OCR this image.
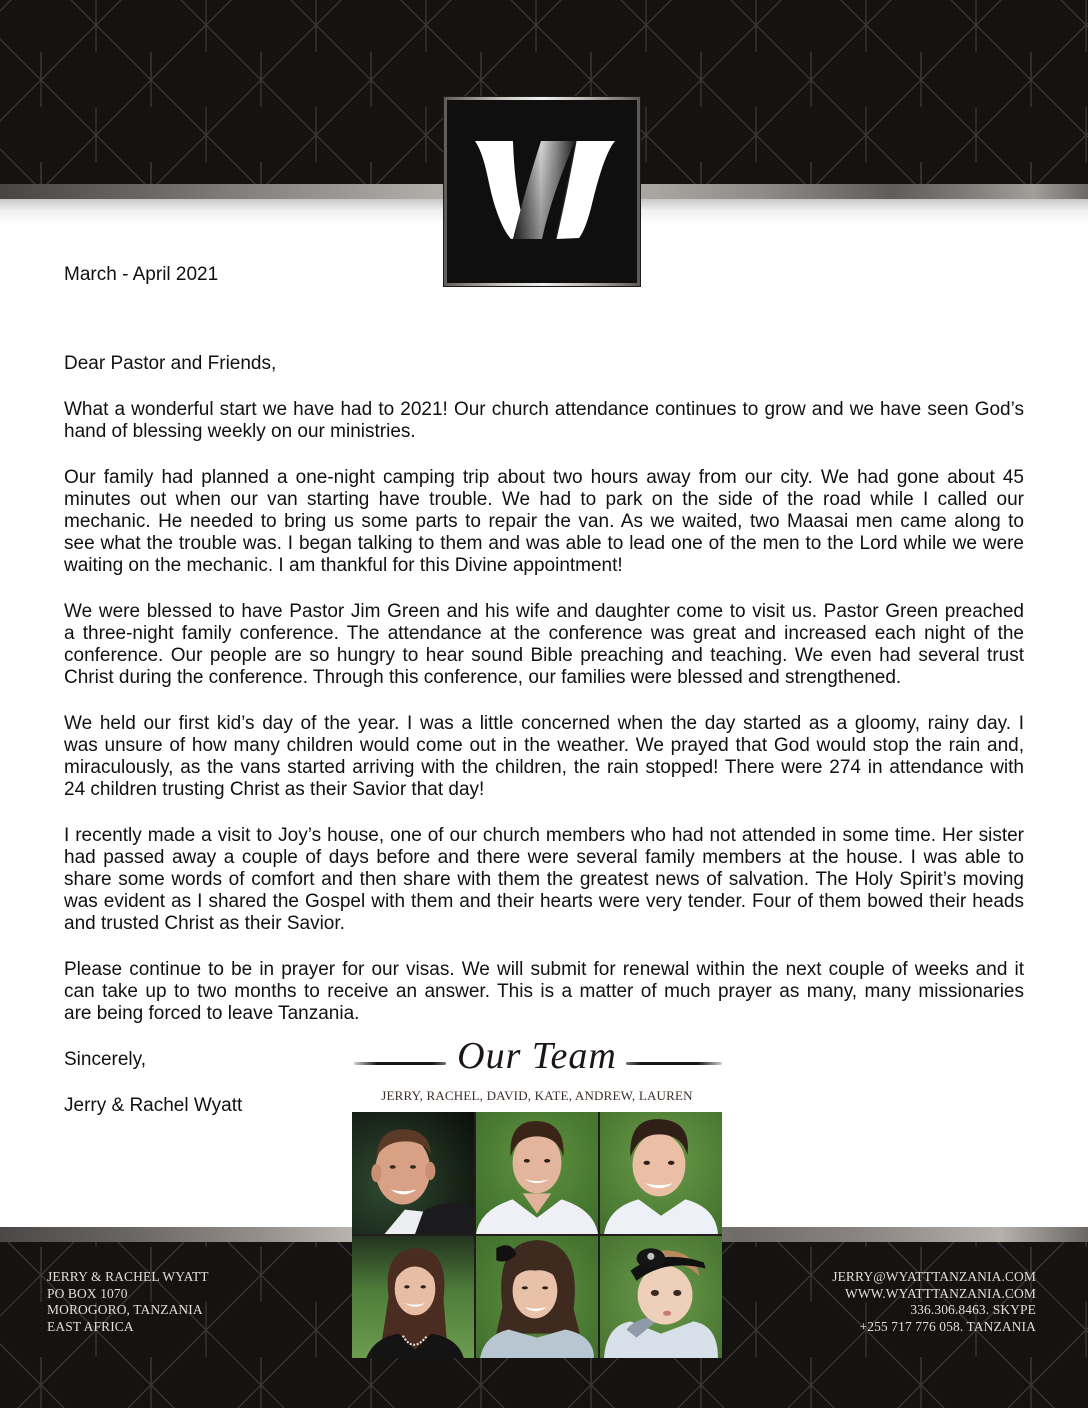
March - April 2021
Dear Pastor and Friends,
What a wonderful start we have had to 2021! Our church attendance continues to grow and we have seen God’s
hand of blessing weekly on our ministries.
Our family had planned a one-night camping trip about two hours away from our city. We had gone about 45
minutes out when our van starting have trouble. We had to park on the side of the road while I called our
mechanic. He needed to bring us some parts to repair the van. As we waited, two Maasai men came along to
see what the trouble was. I began talking to them and was able to lead one of the men to the Lord while we were
waiting on the mechanic. I am thankful for this Divine appointment!
We were blessed to have Pastor Jim Green and his wife and daughter come to visit us. Pastor Green preached
a three-night family conference. The attendance at the conference was great and increased each night of the
conference. Our people are so hungry to hear sound Bible preaching and teaching. We even had several trust
Christ during the conference. Through this conference, our families were blessed and strengthened.
We held our first kid’s day of the year. I was a little concerned when the day started as a gloomy, rainy day. I
was unsure of how many children would come out in the weather. We prayed that God would stop the rain and,
miraculously, as the vans started arriving with the children, the rain stopped! There were 274 in attendance with
24 children trusting Christ as their Savior that day!
I recently made a visit to Joy’s house, one of our church members who had not attended in some time. Her sister
had passed away a couple of days before and there were several family members at the house. I was able to
share some words of comfort and then share with them the greatest news of salvation. The Holy Spirit’s moving
was evident as I shared the Gospel with them and their hearts were very tender. Four of them bowed their heads
and trusted Christ as their Savior.
Please continue to be in prayer for our visas. We will submit for renewal within the next couple of weeks and it
can take up to two months to receive an answer. This is a matter of much prayer as many, many missionaries
are being forced to leave Tanzania.
Sincerely,
Jerry & Rachel Wyatt
Our Team
JERRY, RACHEL, DAVID, KATE, ANDREW, LAUREN
JERRY & RACHEL WYATT
PO BOX 1070
MOROGORO, TANZANIA
EAST AFRICA
JERRY@WYATTTANZANIA.COM
WWW.WYATTTANZANIA.COM
336.306.8463. SKYPE
+255 717 776 058. TANZANIA
